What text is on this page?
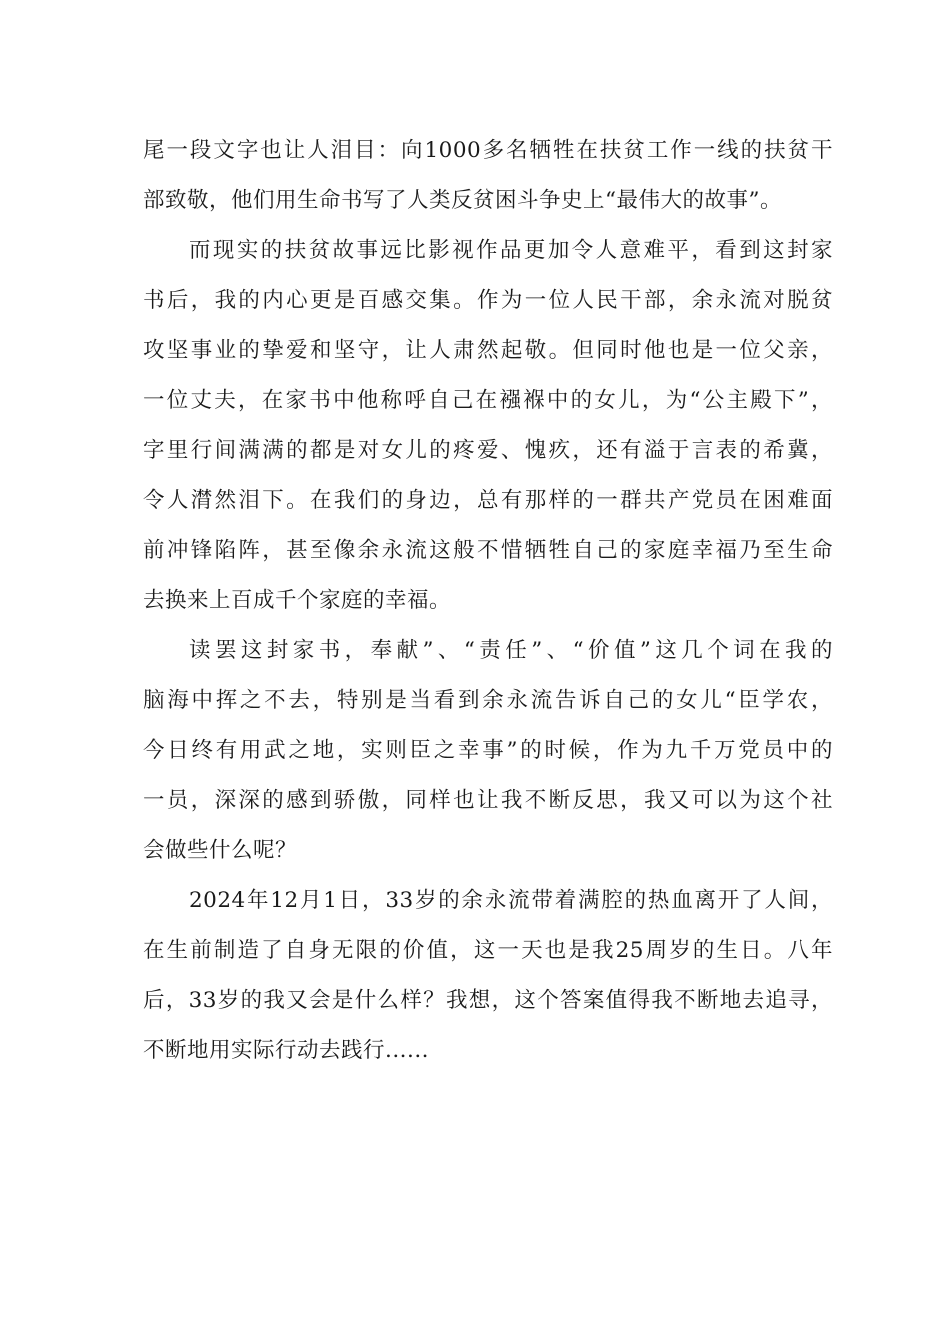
尾一段文字也让人泪目：向1000多名牺牲在扶贫工作一线的扶贫干
部致敬，他们用生命书写了人类反贫困斗争史上“最伟大的故事”。
而现实的扶贫故事远比影视作品更加令人意难平，看到这封家
书后，我的内心更是百感交集。作为一位人民干部，余永流对脱贫
攻坚事业的挚爱和坚守，让人肃然起敬。但同时他也是一位父亲，
一位丈夫，在家书中他称呼自己在襁褓中的女儿，为“公主殿下”，
字里行间满满的都是对女儿的疼爱、愧疚，还有溢于言表的希冀，
令人潸然泪下。在我们的身边，总有那样的一群共产党员在困难面
前冲锋陷阵，甚至像余永流这般不惜牺牲自己的家庭幸福乃至生命
去换来上百成千个家庭的幸福。
读罢这封家书，奉献”、“责任”、“价值”这几个词在我的
脑海中挥之不去，特别是当看到余永流告诉自己的女儿“臣学农，
今日终有用武之地，实则臣之幸事”的时候，作为九千万党员中的
一员，深深的感到骄傲，同样也让我不断反思，我又可以为这个社
会做些什么呢？
2024年12月1日，33岁的余永流带着满腔的热血离开了人间，
在生前制造了自身无限的价值，这一天也是我25周岁的生日。八年
后，33岁的我又会是什么样？我想，这个答案值得我不断地去追寻，
不断地用实际行动去践行......
